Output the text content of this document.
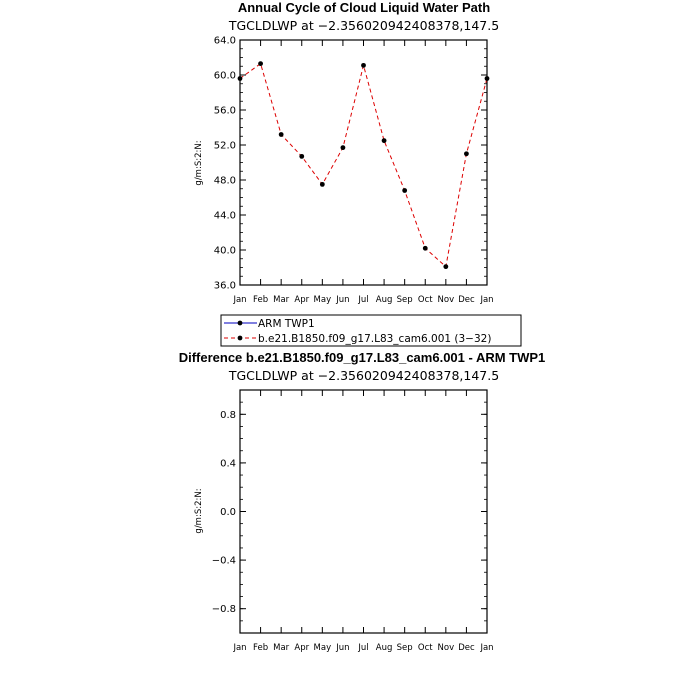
Annual Cycle of Cloud Liquid Water Path
TGCLDLWP at −2.356020942408378,147.5
36.0
40.0
44.0
48.0
52.0
56.0
60.0
64.0
Jan Feb Mar Apr May Jun Jul Aug Sep Oct Nov Dec Jan
g/m:S:2:N:
ARM TWP1
b.e21.B1850.f09_g17.L83_cam6.001 (3−32)
Difference b.e21.B1850.f09_g17.L83_cam6.001 - ARM TWP1
TGCLDLWP at −2.356020942408378,147.5
−0.8
−0.4
0.0
0.4
0.8
Jan Feb Mar Apr May Jun Jul Aug Sep Oct Nov Dec Jan
g/m:S:2:N:
